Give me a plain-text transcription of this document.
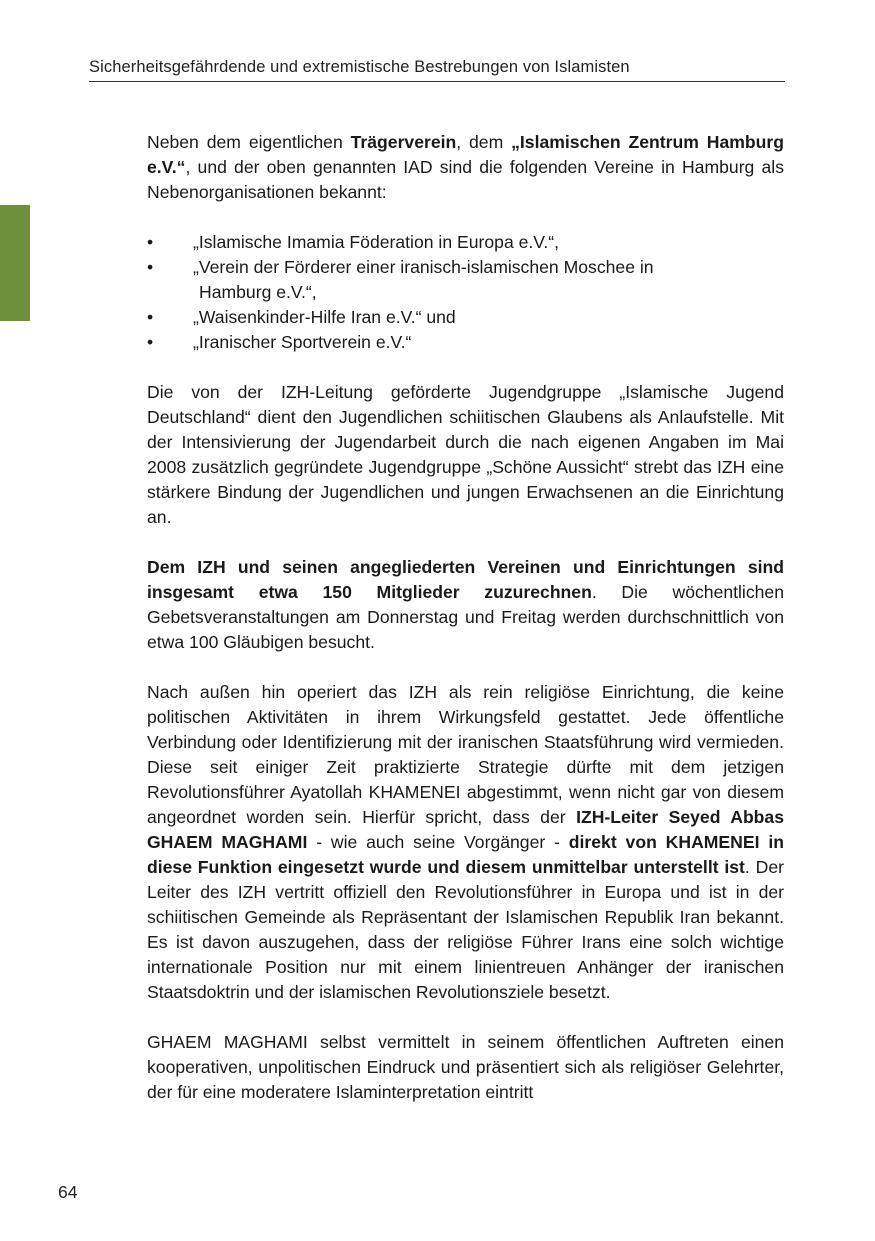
Sicherheitsgefährdende und extremistische Bestrebungen von Islamisten

Neben dem eigentlichen Trägerverein, dem „Islamischen Zentrum Hamburg e.V.“, und der oben genannten IAD sind die folgenden Vereine in Hamburg als Nebenorganisationen bekannt:

• „Islamische Imamia Föderation in Europa e.V.“,
• „Verein der Förderer einer iranisch-islamischen Moschee in
Hamburg e.V.“,
• „Waisenkinder-Hilfe Iran e.V.“ und
• „Iranischer Sportverein e.V.“

Die von der IZH-Leitung geförderte Jugendgruppe „Islamische Jugend Deutschland“ dient den Jugendlichen schiitischen Glaubens als Anlaufstelle. Mit der Intensivierung der Jugendarbeit durch die nach eigenen Angaben im Mai 2008 zusätzlich gegründete Jugendgruppe „Schöne Aussicht“ strebt das IZH eine stärkere Bindung der Jugendlichen und jungen Erwachsenen an die Einrichtung an.

Dem IZH und seinen angegliederten Vereinen und Einrichtungen sind insgesamt etwa 150 Mitglieder zuzurechnen. Die wöchentlichen Gebetsveranstaltungen am Donnerstag und Freitag werden durchschnittlich von etwa 100 Gläubigen besucht.

Nach außen hin operiert das IZH als rein religiöse Einrichtung, die keine politischen Aktivitäten in ihrem Wirkungsfeld gestattet. Jede öffentliche Verbindung oder Identifizierung mit der iranischen Staatsführung wird vermieden. Diese seit einiger Zeit praktizierte Strategie dürfte mit dem jetzigen Revolutionsführer Ayatollah KHAMENEI abgestimmt, wenn nicht gar von diesem angeordnet worden sein. Hierfür spricht, dass der IZH-Leiter Seyed Abbas GHAEM MAGHAMI - wie auch seine Vorgänger - direkt von KHAMENEI in diese Funktion eingesetzt wurde und diesem unmittelbar unterstellt ist. Der Leiter des IZH vertritt offiziell den Revolutionsführer in Europa und ist in der schiitischen Gemeinde als Repräsentant der Islamischen Republik Iran bekannt. Es ist davon auszugehen, dass der religiöse Führer Irans eine solch wichtige internationale Position nur mit einem linientreuen Anhänger der iranischen Staatsdoktrin und der islamischen Revolutionsziele besetzt.

GHAEM MAGHAMI selbst vermittelt in seinem öffentlichen Auftreten einen kooperativen, unpolitischen Eindruck und präsentiert sich als religiöser Gelehrter, der für eine moderatere Islaminterpretation eintritt

64
